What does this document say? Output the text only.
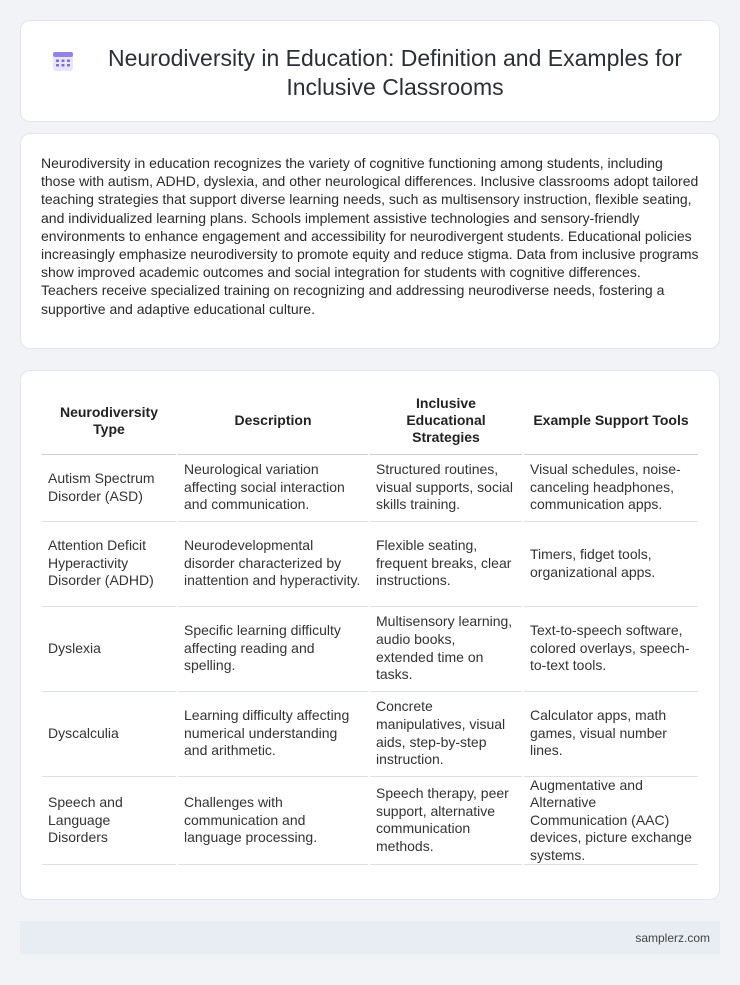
Neurodiversity in Education: Definition and Examples for Inclusive Classrooms

Neurodiversity in education recognizes the variety of cognitive functioning among students, including those with autism, ADHD, dyslexia, and other neurological differences. Inclusive classrooms adopt tailored teaching strategies that support diverse learning needs, such as multisensory instruction, flexible seating, and individualized learning plans. Schools implement assistive technologies and sensory-friendly environments to enhance engagement and accessibility for neurodivergent students. Educational policies increasingly emphasize neurodiversity to promote equity and reduce stigma. Data from inclusive programs show improved academic outcomes and social integration for students with cognitive differences. Teachers receive specialized training on recognizing and addressing neurodiverse needs, fostering a supportive and adaptive educational culture.

Neurodiversity Type	Description	Inclusive Educational Strategies	Example Support Tools
Autism Spectrum Disorder (ASD)	Neurological variation affecting social interaction and communication.	Structured routines, visual supports, social skills training.	Visual schedules, noise-canceling headphones, communication apps.
Attention Deficit Hyperactivity Disorder (ADHD)	Neurodevelopmental disorder characterized by inattention and hyperactivity.	Flexible seating, frequent breaks, clear instructions.	Timers, fidget tools, organizational apps.
Dyslexia	Specific learning difficulty affecting reading and spelling.	Multisensory learning, audio books, extended time on tasks.	Text-to-speech software, colored overlays, speech-to-text tools.
Dyscalculia	Learning difficulty affecting numerical understanding and arithmetic.	Concrete manipulatives, visual aids, step-by-step instruction.	Calculator apps, math games, visual number lines.
Speech and Language Disorders	Challenges with communication and language processing.	Speech therapy, peer support, alternative communication methods.	Augmentative and Alternative Communication (AAC) devices, picture exchange systems.
samplerz.com
